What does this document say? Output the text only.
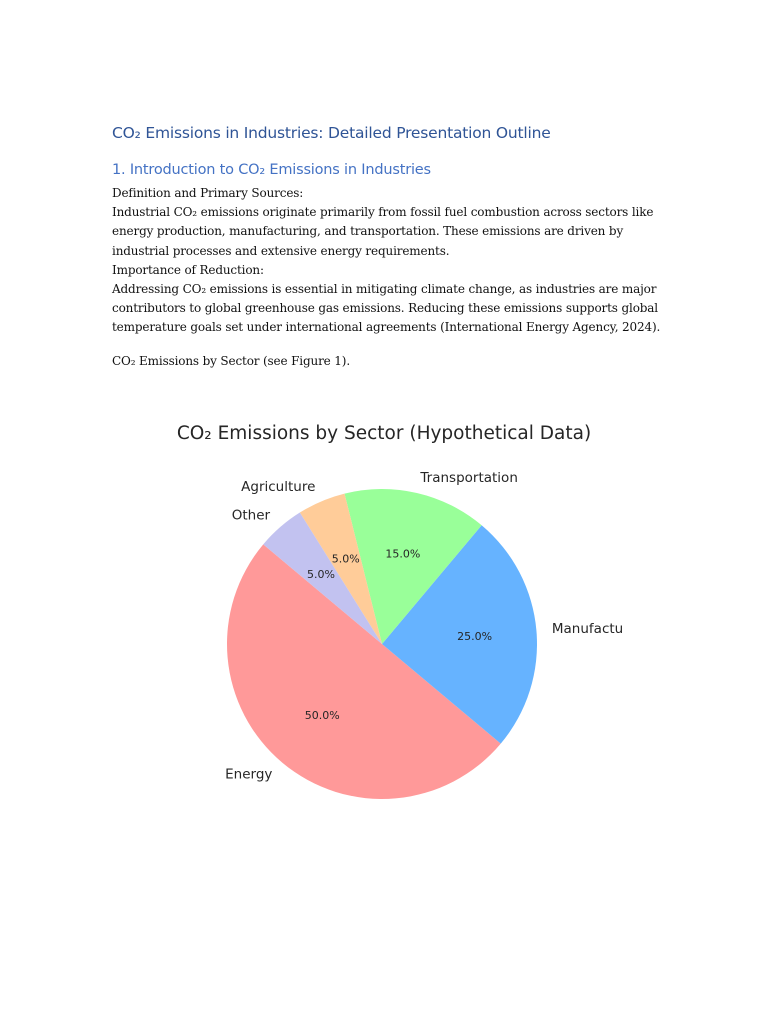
CO₂ Emissions in Industries: Detailed Presentation Outline
1. Introduction to CO₂ Emissions in Industries

Definition and Primary Sources:

Industrial CO₂ emissions originate primarily from fossil fuel combustion across sectors like energy production, manufacturing, and transportation. These emissions are driven by industrial processes and extensive energy requirements.

Importance of Reduction:

Addressing CO₂ emissions is essential in mitigating climate change, as industries are major contributors to global greenhouse gas emissions. Reducing these emissions supports global temperature goals set under international agreements (International Energy Agency, 2024).

CO₂ Emissions by Sector (see Figure 1).

CO₂ Emissions by Sector (Hypothetical Data)
Energy
50.0%
Manufactu
25.0%
Transportation
15.0%
Agriculture
5.0%
Other
5.0%
